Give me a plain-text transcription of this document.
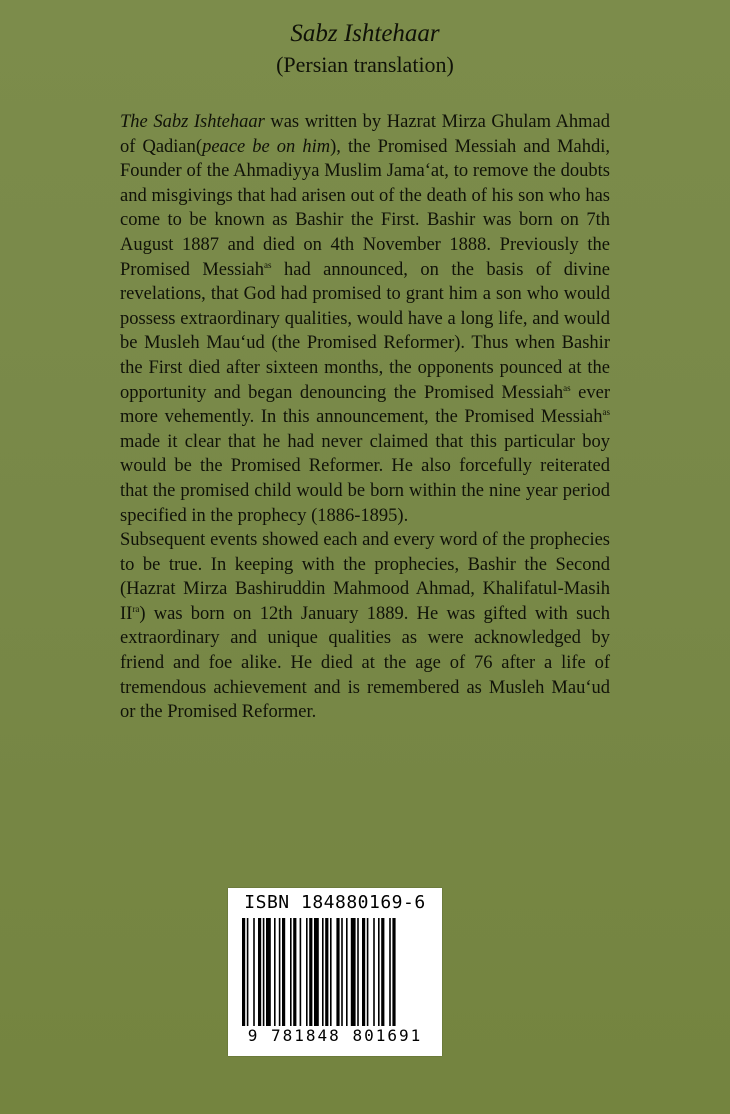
Sabz Ishtehaar
(Persian translation)

The Sabz Ishtehaar was written by Hazrat Mirza Ghulam Ahmad of Qadian(peace be on him), the Promised Messiah and Mahdi, Founder of the Ahmadiyya Muslim Jama‘at, to remove the doubts and misgivings that had arisen out of the death of his son who has come to be known as Bashir the First. Bashir was born on 7th August 1887 and died on 4th November 1888. Previously the Promised Messiah$^{as}$ had announced, on the basis of divine revelations, that God had promised to grant him a son who would possess extraordinary qualities, would have a long life, and would be Musleh Mau‘ud (the Promised Reformer). Thus when Bashir the First died after sixteen months, the opponents pounced at the opportunity and began denouncing the Promised Messiah$^{as}$ ever more vehemently. In this announcement, the Promised Messiah$^{as}$ made it clear that he had never claimed that this particular boy would be the Promised Reformer. He also forcefully reiterated that the promised child would be born within the nine year period specified in the prophecy (1886-1895).

Subsequent events showed each and every word of the prophecies to be true. In keeping with the prophecies, Bashir the Second (Hazrat Mirza Bashiruddin Mahmood Ahmad, Khalifatul-Masih $II^{ra}$) was born on 12th January 1889. He was gifted with such extraordinary and unique qualities as were acknowledged by friend and foe alike. He died at the age of 76 after a life of tremendous achievement and is remembered as Musleh Mau‘ud or the Promised Reformer.

ISBN 184880169-6
9 781848 801691
